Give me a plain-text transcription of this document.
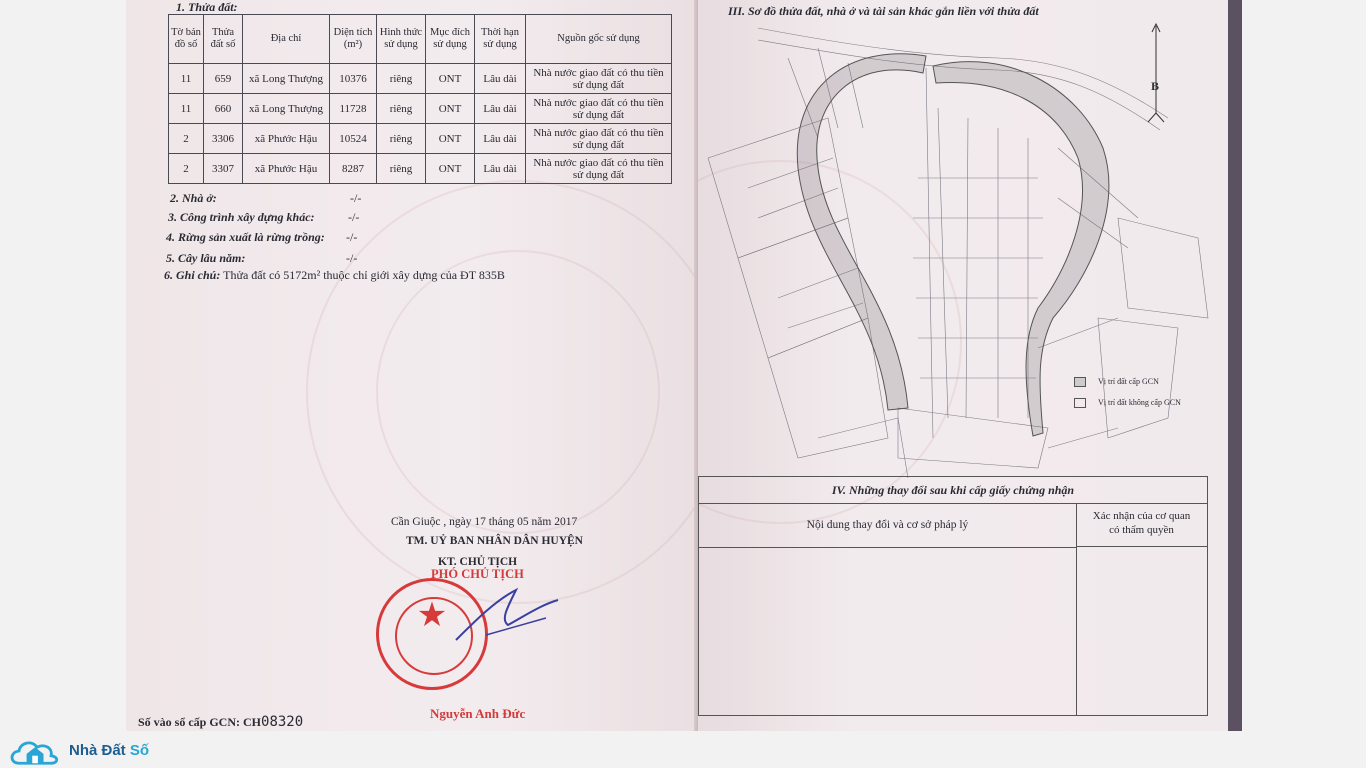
1. Thửa đất:
Tờ bản đồ số	Thửa đất số	Địa chỉ	Diện tích (m²)	Hình thức sử dụng	Mục đích sử dụng	Thời hạn sử dụng	Nguồn gốc sử dụng
11	659	xã Long Thượng	10376	riêng	ONT	Lâu dài	Nhà nước giao đất có thu tiền sử dụng đất
11	660	xã Long Thượng	11728	riêng	ONT	Lâu dài	Nhà nước giao đất có thu tiền sử dụng đất
2	3306	xã Phước Hậu	10524	riêng	ONT	Lâu dài	Nhà nước giao đất có thu tiền sử dụng đất
2	3307	xã Phước Hậu	8287	riêng	ONT	Lâu dài	Nhà nước giao đất có thu tiền sử dụng đất
2. Nhà ở:	-/-
3. Công trình xây dựng khác:	-/-
4. Rừng sản xuất là rừng trồng: -/-
5. Cây lâu năm:	-/-
6. Ghi chú: Thửa đất có 5172m² thuộc chỉ giới xây dựng của ĐT 835B
Cần Giuộc , ngày 17 tháng 05 năm 2017
TM. UỶ BAN NHÂN DÂN HUYỆN
KT. CHỦ TỊCH
PHÓ CHỦ TỊCH
★
Nguyễn Anh Đức
Số vào sổ cấp GCN: CH08320
III. Sơ đồ thửa đất, nhà ở và tài sản khác gắn liền với thửa đất
B
Vị trí đất cấp GCN
Vị trí đất không cấp GCN
IV. Những thay đổi sau khi cấp giấy chứng nhận
Nội dung thay đổi và cơ sở pháp lý
Xác nhận của cơ quan
có thẩm quyền
Nhà Đất Số
